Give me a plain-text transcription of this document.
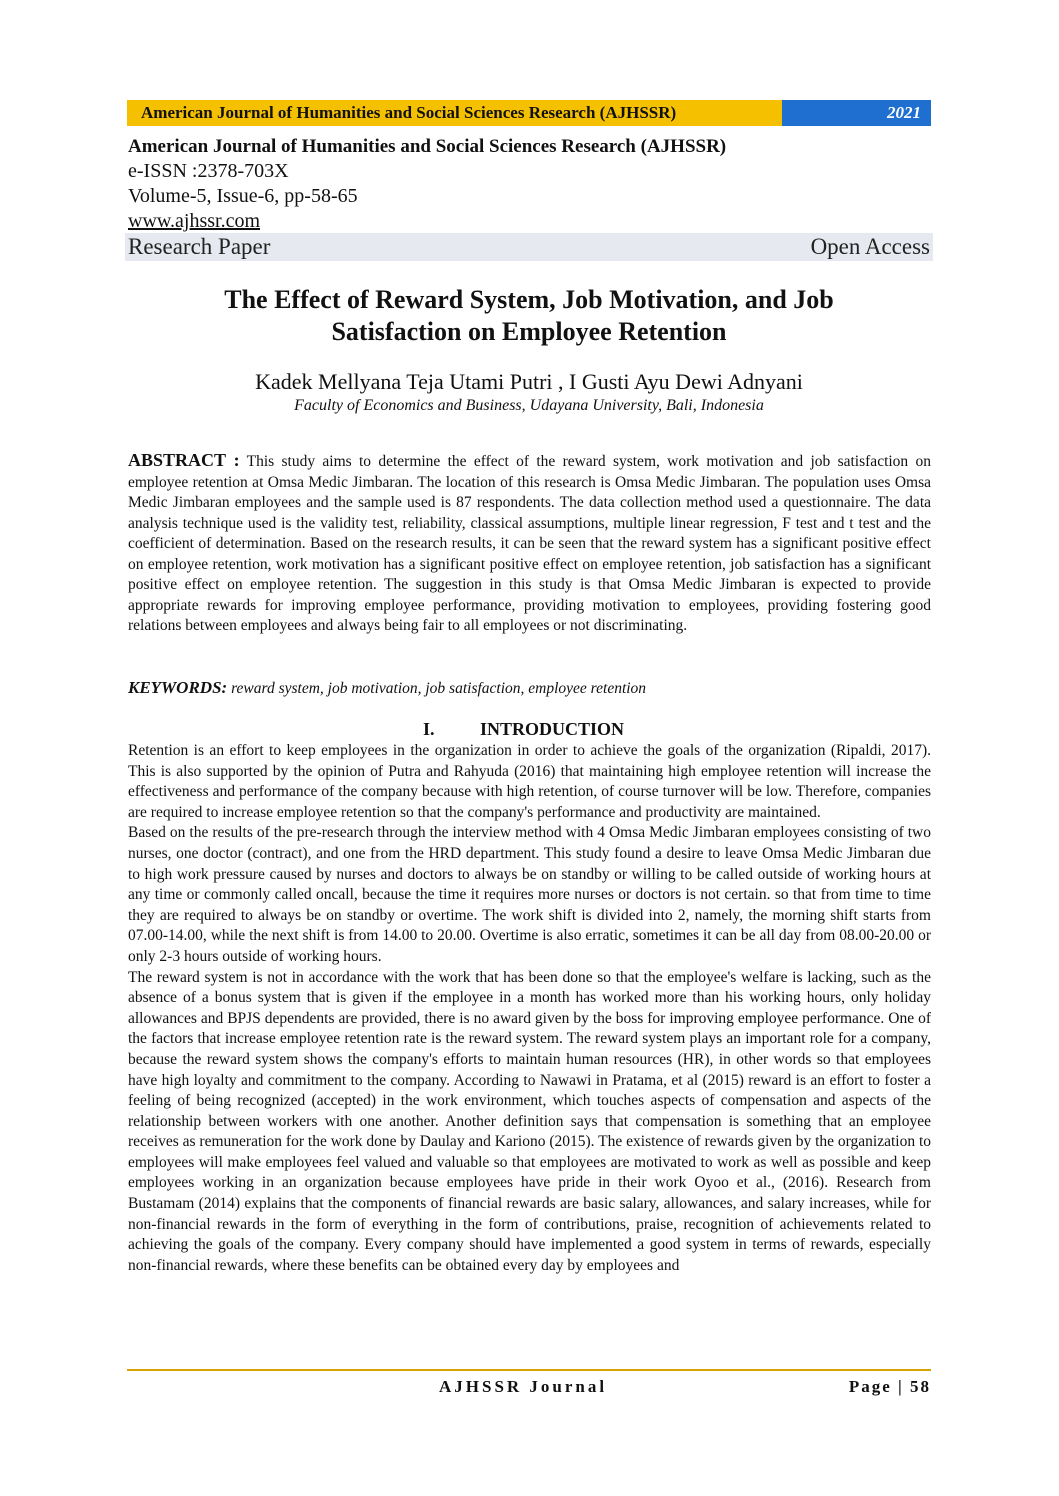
American Journal of Humanities and Social Sciences Research (AJHSSR)	2021
American Journal of Humanities and Social Sciences Research (AJHSSR)
e-ISSN :2378-703X
Volume-5, Issue-6, pp-58-65
www.ajhssr.com
Research Paper	Open Access
The Effect of Reward System, Job Motivation, and Job
Satisfaction on Employee Retention
Kadek Mellyana Teja Utami Putri , I Gusti Ayu Dewi Adnyani
Faculty of Economics and Business, Udayana University, Bali, Indonesia
ABSTRACT : This study aims to determine the effect of the reward system, work motivation and job satisfaction on employee retention at Omsa Medic Jimbaran. The location of this research is Omsa Medic Jimbaran. The population uses Omsa Medic Jimbaran employees and the sample used is 87 respondents. The data collection method used a questionnaire. The data analysis technique used is the validity test, reliability, classical assumptions, multiple linear regression, F test and t test and the coefficient of determination. Based on the research results, it can be seen that the reward system has a significant positive effect on employee retention, work motivation has a significant positive effect on employee retention, job satisfaction has a significant positive effect on employee retention. The suggestion in this study is that Omsa Medic Jimbaran is expected to provide appropriate rewards for improving employee performance, providing motivation to employees, providing fostering good relations between employees and always being fair to all employees or not discriminating.
KEYWORDS: reward system, job motivation, job satisfaction, employee retention
I.	INTRODUCTION

Retention is an effort to keep employees in the organization in order to achieve the goals of the organization (Ripaldi, 2017). This is also supported by the opinion of Putra and Rahyuda (2016) that maintaining high employee retention will increase the effectiveness and performance of the company because with high retention, of course turnover will be low. Therefore, companies are required to increase employee retention so that the company's performance and productivity are maintained.

Based on the results of the pre-research through the interview method with 4 Omsa Medic Jimbaran employees consisting of two nurses, one doctor (contract), and one from the HRD department. This study found a desire to leave Omsa Medic Jimbaran due to high work pressure caused by nurses and doctors to always be on standby or willing to be called outside of working hours at any time or commonly called oncall, because the time it requires more nurses or doctors is not certain. so that from time to time they are required to always be on standby or overtime. The work shift is divided into 2, namely, the morning shift starts from 07.00-14.00, while the next shift is from 14.00 to 20.00. Overtime is also erratic, sometimes it can be all day from 08.00-20.00 or only 2-3 hours outside of working hours.

The reward system is not in accordance with the work that has been done so that the employee's welfare is lacking, such as the absence of a bonus system that is given if the employee in a month has worked more than his working hours, only holiday allowances and BPJS dependents are provided, there is no award given by the boss for improving employee performance. One of the factors that increase employee retention rate is the reward system. The reward system plays an important role for a company, because the reward system shows the company's efforts to maintain human resources (HR), in other words so that employees have high loyalty and commitment to the company. According to Nawawi in Pratama, et al (2015) reward is an effort to foster a feeling of being recognized (accepted) in the work environment, which touches aspects of compensation and aspects of the relationship between workers with one another. Another definition says that compensation is something that an employee receives as remuneration for the work done by Daulay and Kariono (2015). The existence of rewards given by the organization to employees will make employees feel valued and valuable so that employees are motivated to work as well as possible and keep employees working in an organization because employees have pride in their work Oyoo et al., (2016). Research from Bustamam (2014) explains that the components of financial rewards are basic salary, allowances, and salary increases, while for non-financial rewards in the form of everything in the form of contributions, praise, recognition of achievements related to achieving the goals of the company. Every company should have implemented a good system in terms of rewards, especially non-financial rewards, where these benefits can be obtained every day by employees and

AJHSSR Journal	Page | 58
